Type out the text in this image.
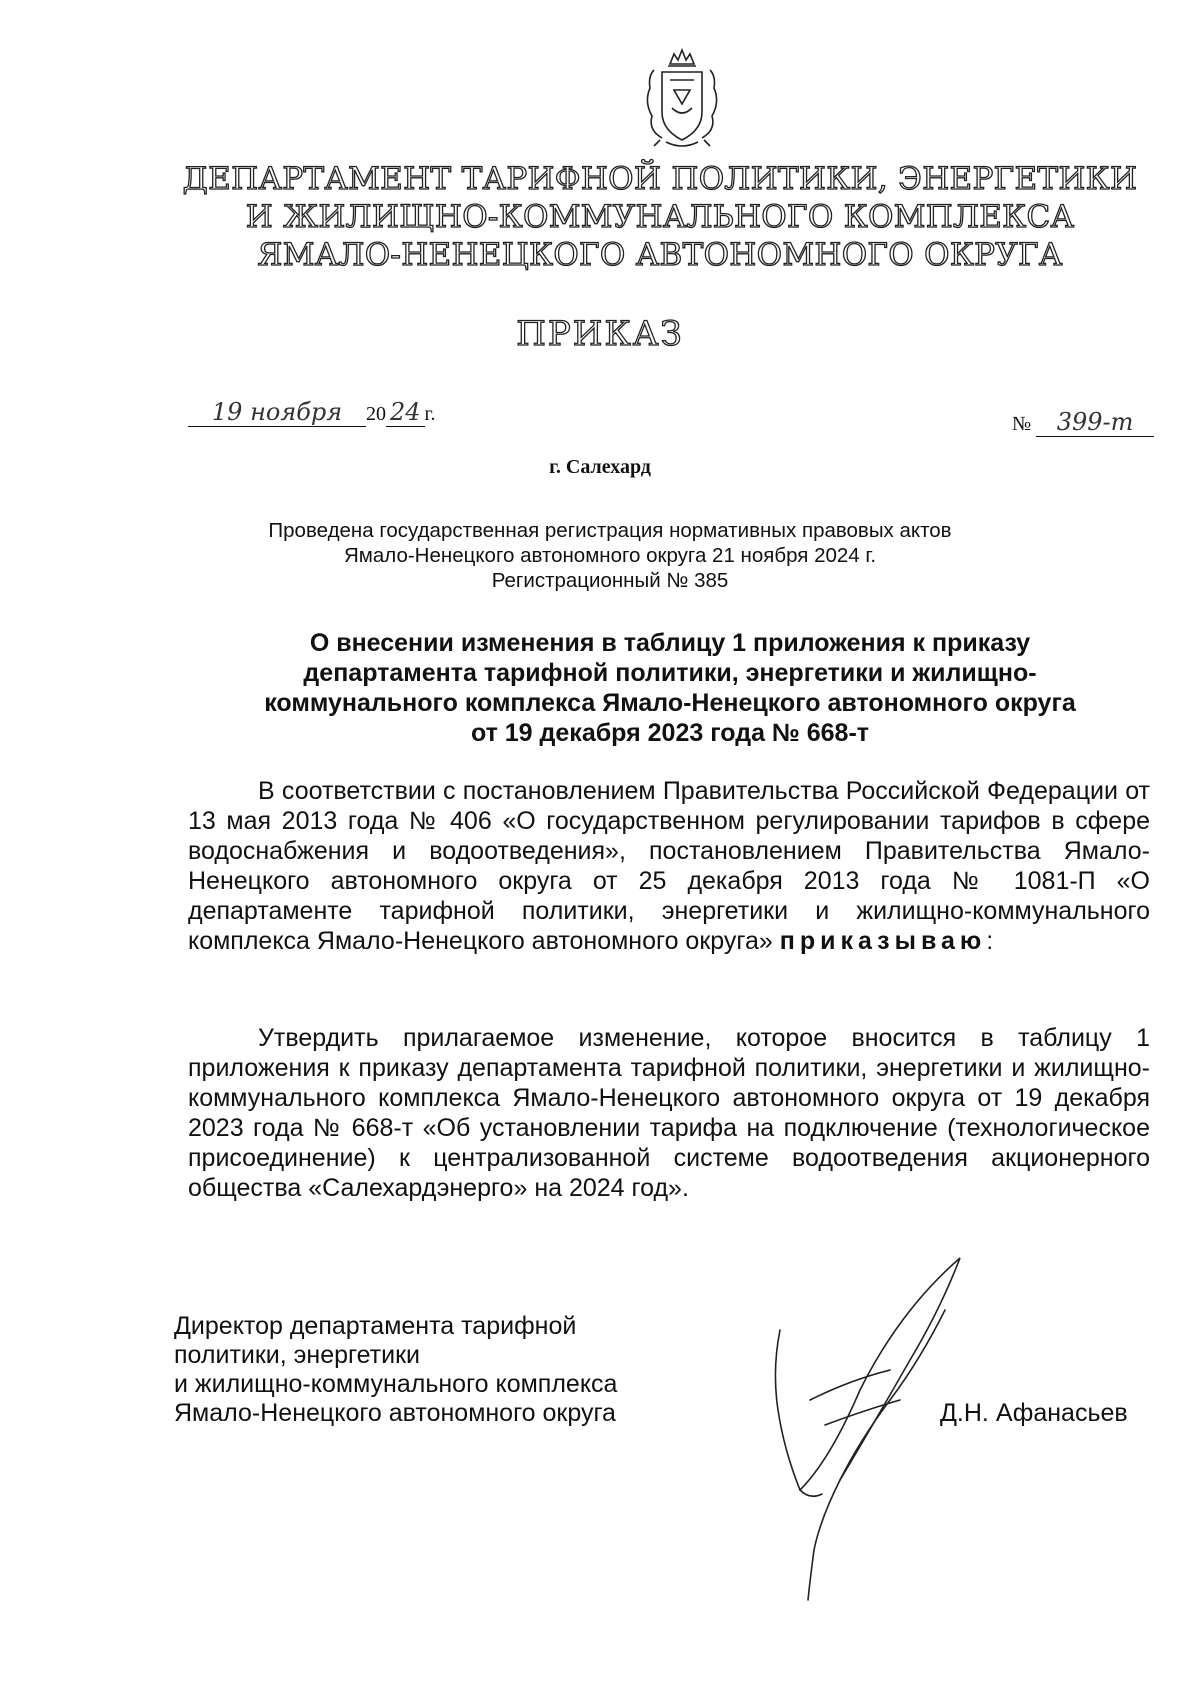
ДЕПАРТАМЕНТ ТАРИФНОЙ ПОЛИТИКИ, ЭНЕРГЕТИКИ
И ЖИЛИЩНО-КОММУНАЛЬНОГО КОМПЛЕКСА
ЯМАЛО-НЕНЕЦКОГО АВТОНОМНОГО ОКРУГА
ПРИКАЗ
19 ноября 20 24 г.	№ 399-т
г. Салехард
Проведена государственная регистрация нормативных правовых актов
Ямало-Ненецкого автономного округа 21 ноября 2024 г.
Регистрационный № 385
О внесении изменения в таблицу 1 приложения к приказу
департамента тарифной политики, энергетики и жилищно-
коммунального комплекса Ямало-Ненецкого автономного округа
от 19 декабря 2023 года № 668-т
В соответствии с постановлением Правительства Российской Федерации от 13 мая 2013 года № 406 «О государственном регулировании тарифов в сфере водоснабжения и водоотведения», постановлением Правительства Ямало-Ненецкого автономного округа от 25 декабря 2013 года № 1081-П «О департаменте тарифной политики, энергетики и жилищно-коммунального комплекса Ямало-Ненецкого автономного округа» приказываю:
Утвердить прилагаемое изменение, которое вносится в таблицу 1 приложения к приказу департамента тарифной политики, энергетики и жилищно-коммунального комплекса Ямало-Ненецкого автономного округа от 19 декабря 2023 года № 668-т «Об установлении тарифа на подключение (технологическое присоединение) к централизованной системе водоотведения акционерного общества «Салехардэнерго» на 2024 год».
Директор департамента тарифной
политики, энергетики
и жилищно-коммунального комплекса
Ямало-Ненецкого автономного округа	Д.Н. Афанасьев
